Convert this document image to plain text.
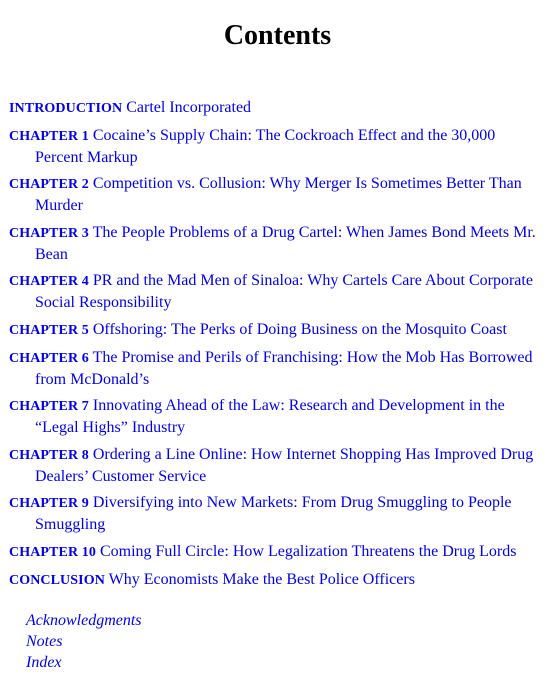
Contents
INTRODUCTION Cartel Incorporated
CHAPTER 1 Cocaine’s Supply Chain: The Cockroach Effect and the 30,000 Percent Markup
CHAPTER 2 Competition vs. Collusion: Why Merger Is Sometimes Better Than Murder
CHAPTER 3 The People Problems of a Drug Cartel: When James Bond Meets Mr. Bean
CHAPTER 4 PR and the Mad Men of Sinaloa: Why Cartels Care About Corporate Social Responsibility
CHAPTER 5 Offshoring: The Perks of Doing Business on the Mosquito Coast
CHAPTER 6 The Promise and Perils of Franchising: How the Mob Has Borrowed from McDonald’s
CHAPTER 7 Innovating Ahead of the Law: Research and Development in the “Legal Highs” Industry
CHAPTER 8 Ordering a Line Online: How Internet Shopping Has Improved Drug Dealers’ Customer Service
CHAPTER 9 Diversifying into New Markets: From Drug Smuggling to People Smuggling
CHAPTER 10 Coming Full Circle: How Legalization Threatens the Drug Lords
CONCLUSION Why Economists Make the Best Police Officers
Acknowledgments
Notes
Index
